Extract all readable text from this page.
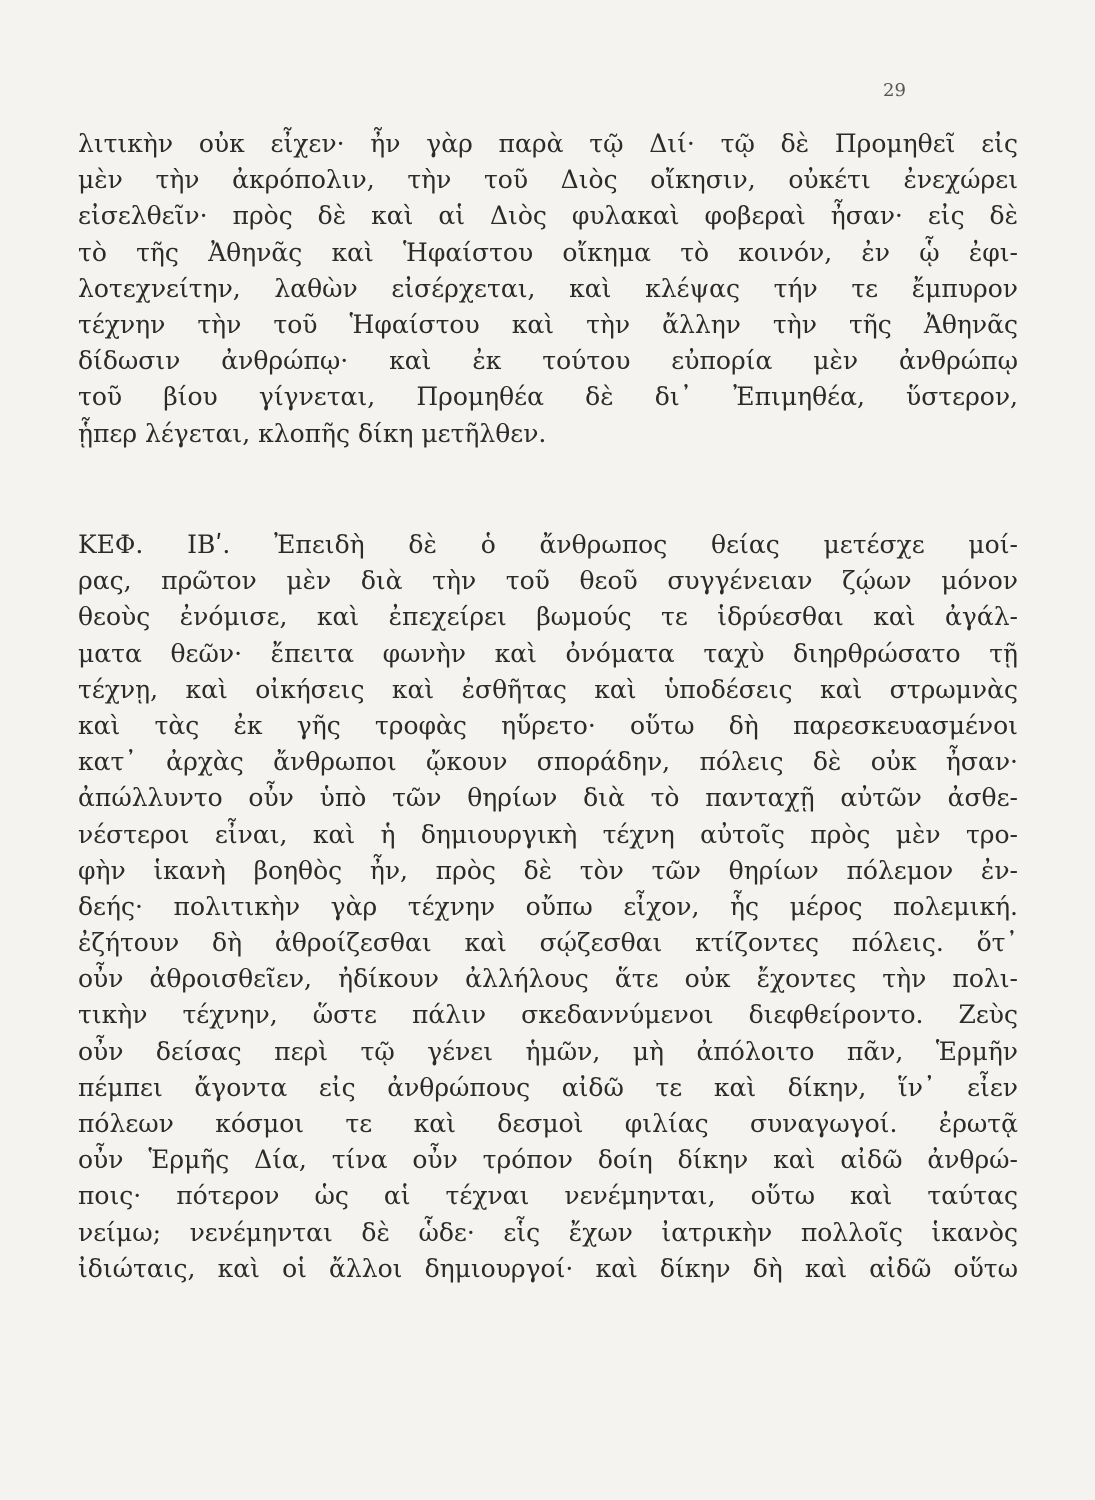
29
λιτικὴν οὐκ εἶχεν· ἦν γὰρ παρὰ τῷ Διί· τῷ δὲ Προμηθεῖ εἰς
μὲν τὴν ἀκρόπολιν, τὴν τοῦ Διὸς οἴκησιν, οὐκέτι ἐνεχώρει
εἰσελθεῖν· πρὸς δὲ καὶ αἱ Διὸς φυλακαὶ φοβεραὶ ἦσαν· εἰς δὲ
τὸ τῆς Ἀθηνᾶς καὶ Ἡφαίστου οἴκημα τὸ κοινόν, ἐν ᾧ ἐφι-
λοτεχνείτην, λαθὼν εἰσέρχεται, καὶ κλέψας τήν τε ἔμπυρον
τέχνην τὴν τοῦ Ἡφαίστου καὶ τὴν ἄλλην τὴν τῆς Ἀθηνᾶς
δίδωσιν ἀνθρώπῳ· καὶ ἐκ τούτου εὐπορία μὲν ἀνθρώπῳ
τοῦ βίου γίγνεται, Προμηθέα δὲ δι᾽ Ἐπιμηθέα, ὕστερον,
ᾗπερ λέγεται, κλοπῆς δίκη μετῆλθεν.
ΚΕΦ. ΙΒʹ. Ἐπειδὴ δὲ ὁ ἄνθρωπος θείας μετέσχε μοί-
ρας, πρῶτον μὲν διὰ τὴν τοῦ θεοῦ συγγένειαν ζῴων μόνον
θεοὺς ἐνόμισε, καὶ ἐπεχείρει βωμούς τε ἱδρύεσθαι καὶ ἀγάλ-
ματα θεῶν· ἔπειτα φωνὴν καὶ ὀνόματα ταχὺ διηρθρώσατο τῇ
τέχνῃ, καὶ οἰκήσεις καὶ ἐσθῆτας καὶ ὑποδέσεις καὶ στρωμνὰς
καὶ τὰς ἐκ γῆς τροφὰς ηὕρετο· οὕτω δὴ παρεσκευασμένοι
κατ᾽ ἀρχὰς ἄνθρωποι ᾤκουν σποράδην, πόλεις δὲ οὐκ ἦσαν·
ἀπώλλυντο οὖν ὑπὸ τῶν θηρίων διὰ τὸ πανταχῇ αὐτῶν ἀσθε-
νέστεροι εἶναι, καὶ ἡ δημιουργικὴ τέχνη αὐτοῖς πρὸς μὲν τρο-
φὴν ἱκανὴ βοηθὸς ἦν, πρὸς δὲ τὸν τῶν θηρίων πόλεμον ἐν-
δεής· πολιτικὴν γὰρ τέχνην οὔπω εἶχον, ἧς μέρος πολεμική.
ἐζήτουν δὴ ἀθροίζεσθαι καὶ σῴζεσθαι κτίζοντες πόλεις. ὅτ᾽
οὖν ἀθροισθεῖεν, ἠδίκουν ἀλλήλους ἅτε οὐκ ἔχοντες τὴν πολι-
τικὴν τέχνην, ὥστε πάλιν σκεδαννύμενοι διεφθείροντο. Ζεὺς
οὖν δείσας περὶ τῷ γένει ἡμῶν, μὴ ἀπόλοιτο πᾶν, Ἑρμῆν
πέμπει ἄγοντα εἰς ἀνθρώπους αἰδῶ τε καὶ δίκην, ἵν᾽ εἶεν
πόλεων κόσμοι τε καὶ δεσμοὶ φιλίας συναγωγοί. ἐρωτᾷ
οὖν Ἑρμῆς Δία, τίνα οὖν τρόπον δοίη δίκην καὶ αἰδῶ ἀνθρώ-
ποις· πότερον ὡς αἱ τέχναι νενέμηνται, οὕτω καὶ ταύτας
νείμω; νενέμηνται δὲ ὧδε· εἷς ἔχων ἰατρικὴν πολλοῖς ἱκανὸς
ἰδιώταις, καὶ οἱ ἄλλοι δημιουργοί· καὶ δίκην δὴ καὶ αἰδῶ οὕτω
